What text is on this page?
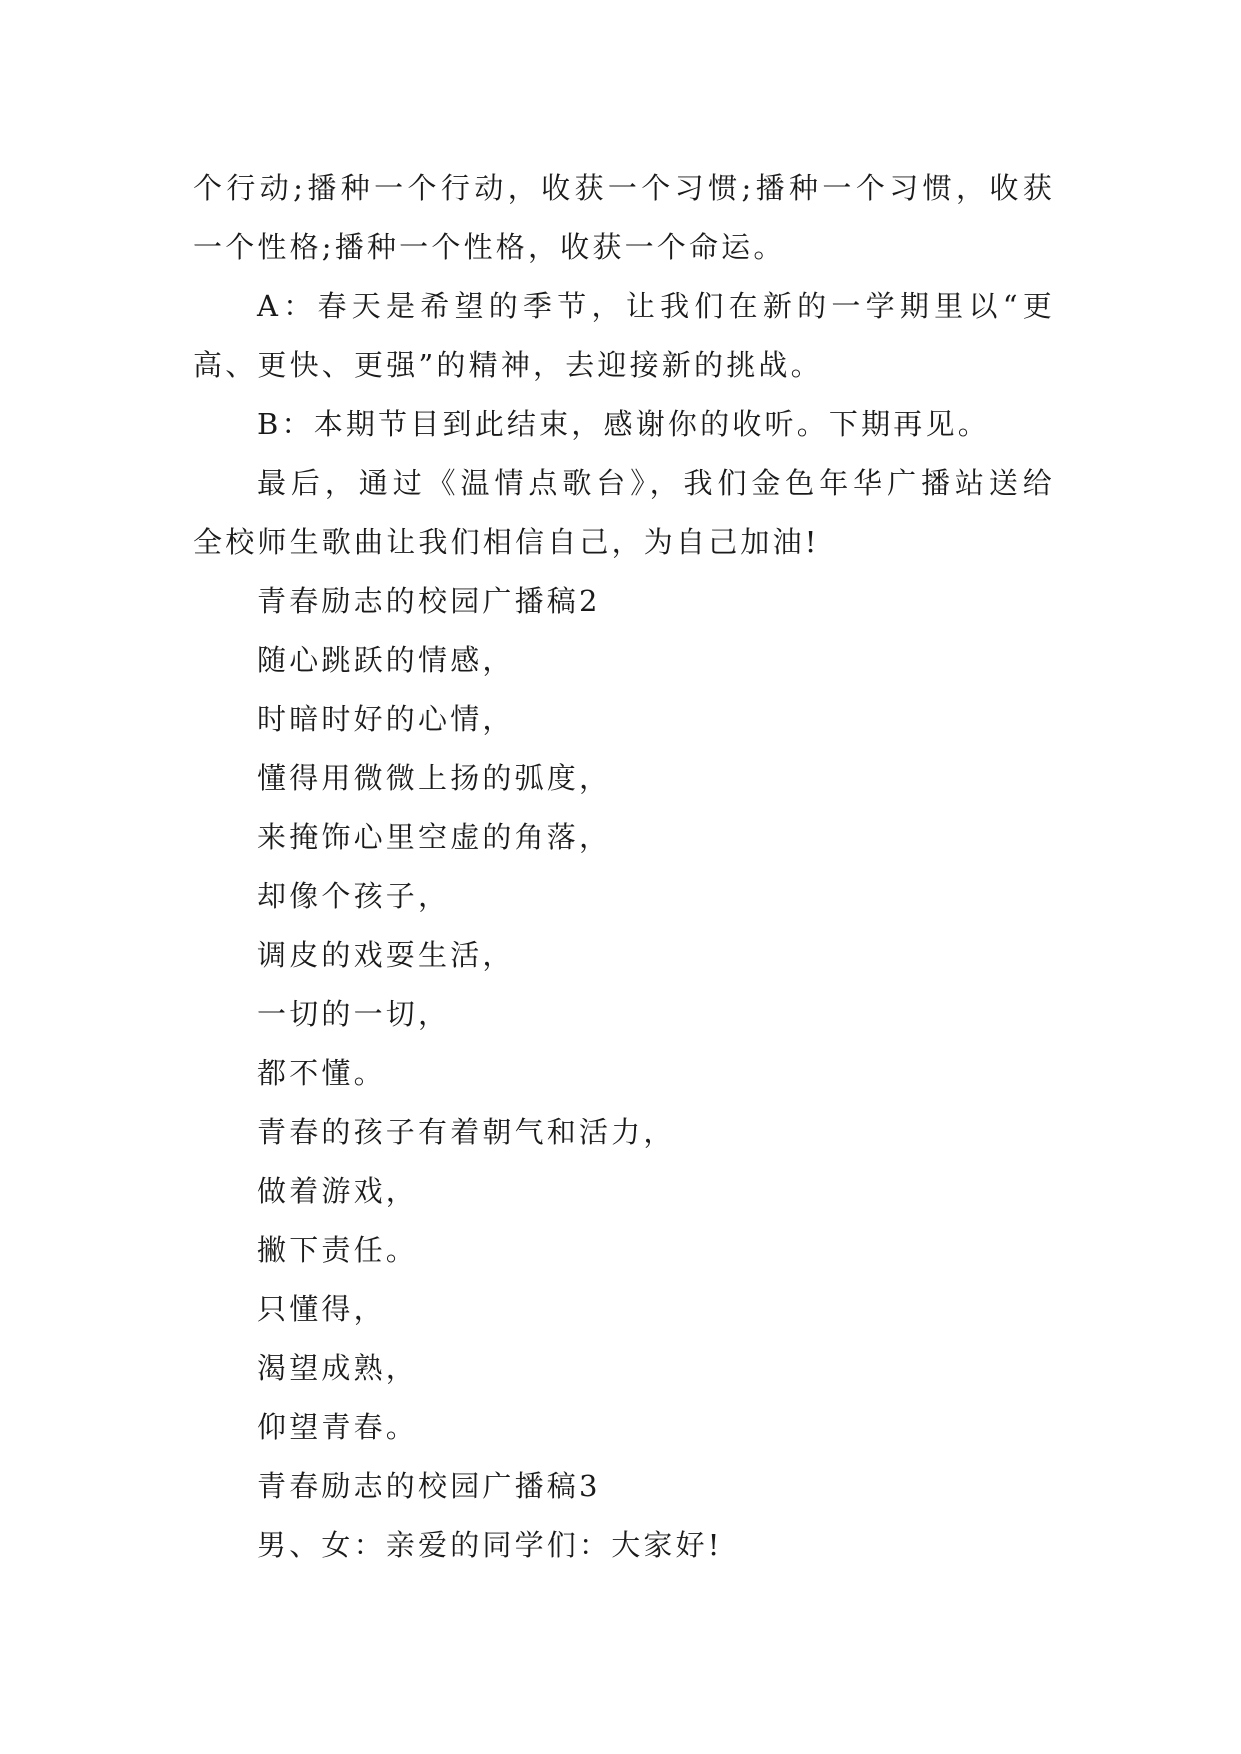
个行动;播种一个行动，收获一个习惯;播种一个习惯，收获
一个性格;播种一个性格，收获一个命运。
A：春天是希望的季节，让我们在新的一学期里以“更
高、更快、更强”的精神，去迎接新的挑战。
B：本期节目到此结束，感谢你的收听。下期再见。
最后，通过《温情点歌台》，我们金色年华广播站送给
全校师生歌曲让我们相信自己，为自己加油!
青春励志的校园广播稿2
随心跳跃的情感，
时暗时好的心情，
懂得用微微上扬的弧度，
来掩饰心里空虚的角落，
却像个孩子，
调皮的戏耍生活，
一切的一切，
都不懂。
青春的孩子有着朝气和活力，
做着游戏，
撇下责任。
只懂得，
渴望成熟，
仰望青春。
青春励志的校园广播稿3
男、女：亲爱的同学们：大家好!
